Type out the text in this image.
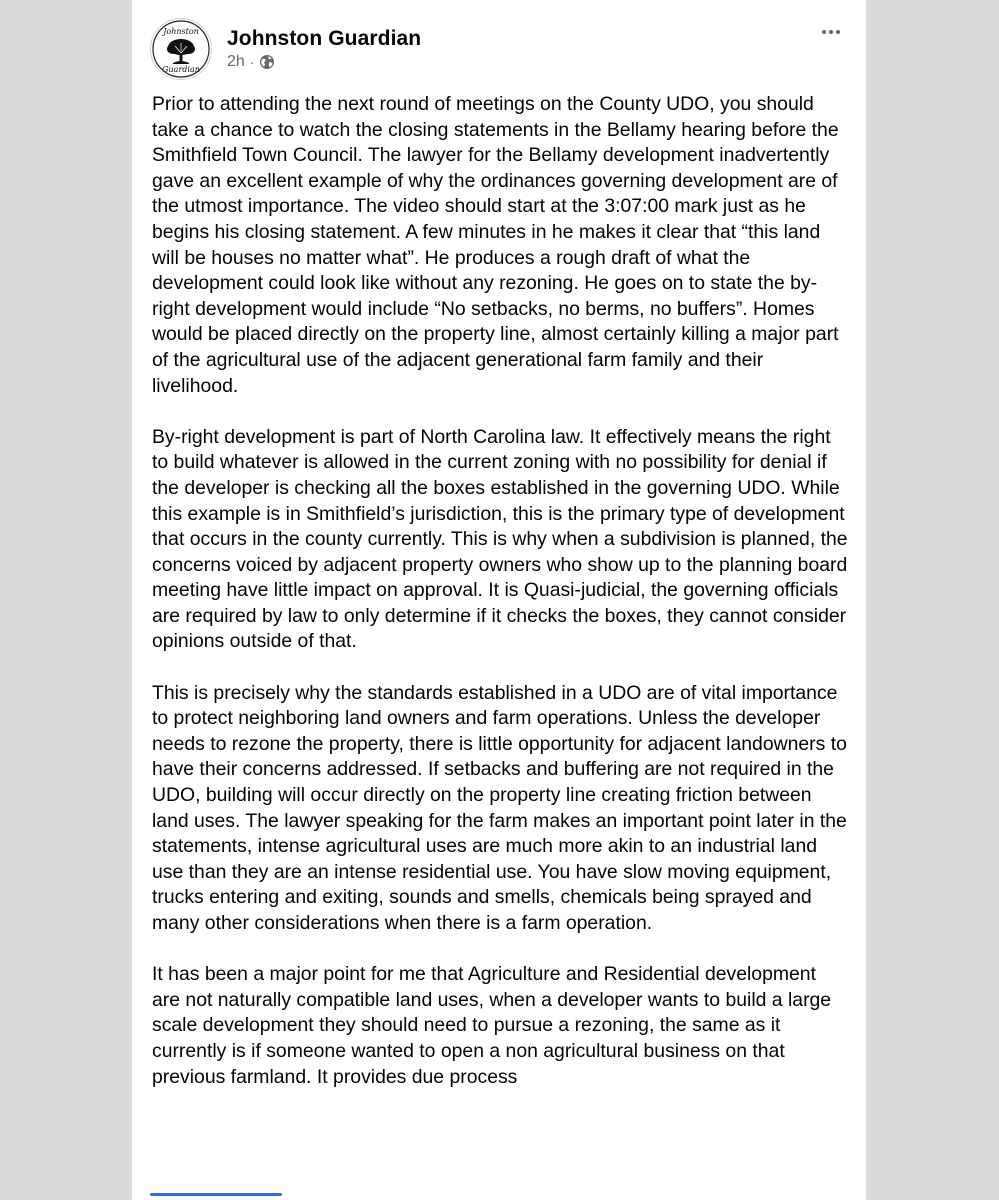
Johnston
Guardian
Johnston Guardian
2h ·

Prior to attending the next round of meetings on the County UDO, you should take a chance to watch the closing statements in the Bellamy hearing before the Smithfield Town Council. The lawyer for the Bellamy development inadvertently gave an excellent example of why the ordinances governing development are of the utmost importance. The video should start at the 3:07:00 mark just as he begins his closing statement. A few minutes in he makes it clear that “this land will be houses no matter what”. He produces a rough draft of what the development could look like without any rezoning. He goes on to state the by-right development would include “No setbacks, no berms, no buffers”. Homes would be placed directly on the property line, almost certainly killing a major part of the agricultural use of the adjacent generational farm family and their livelihood.

By-right development is part of North Carolina law. It effectively means the right to build whatever is allowed in the current zoning with no possibility for denial if the developer is checking all the boxes established in the governing UDO. While this example is in Smithfield’s jurisdiction, this is the primary type of development that occurs in the county currently. This is why when a subdivision is planned, the concerns voiced by adjacent property owners who show up to the planning board meeting have little impact on approval. It is Quasi-judicial, the governing officials are required by law to only determine if it checks the boxes, they cannot consider opinions outside of that.

This is precisely why the standards established in a UDO are of vital importance to protect neighboring land owners and farm operations. Unless the developer needs to rezone the property, there is little opportunity for adjacent landowners to have their concerns addressed. If setbacks and buffering are not required in the UDO, building will occur directly on the property line creating friction between land uses. The lawyer speaking for the farm makes an important point later in the statements, intense agricultural uses are much more akin to an industrial land use than they are an intense residential use. You have slow moving equipment, trucks entering and exiting, sounds and smells, chemicals being sprayed and many other considerations when there is a farm operation.

It has been a major point for me that Agriculture and Residential development are not naturally compatible land uses, when a developer wants to build a large scale development they should need to pursue a rezoning, the same as it currently is if someone wanted to open a non agricultural business on that previous farmland. It provides due process
